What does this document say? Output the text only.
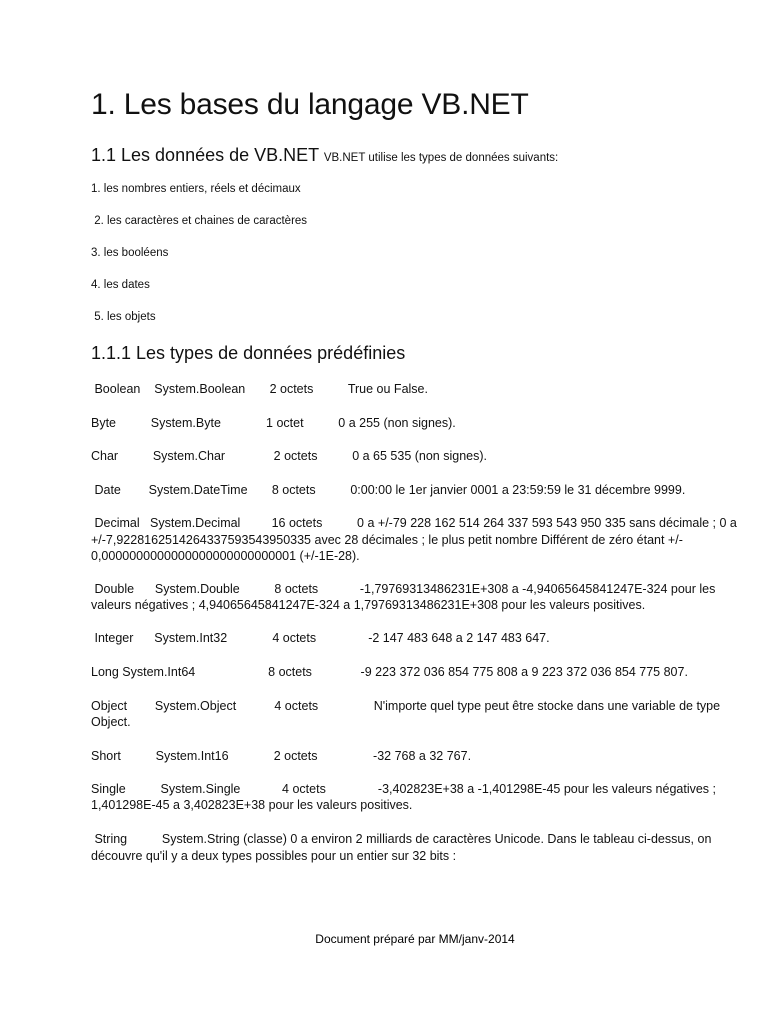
1. Les bases du langage VB.NET
1.1 Les données de VB.NET VB.NET utilise les types de données suivants:
1. les nombres entiers, réels et décimaux
2. les caractères et chaines de caractères
3. les booléens
4. les dates
5. les objets
1.1.1 Les types de données prédéfinies
Boolean    System.Boolean       2 octets          True ou False.
Byte          System.Byte             1 octet          0 a 255 (non signes).
Char          System.Char              2 octets          0 a 65 535 (non signes).
Date        System.DateTime       8 octets          0:00:00 le 1er janvier 0001 a 23:59:59 le 31 décembre 9999.
Decimal   System.Decimal         16 octets          0 a +/-79 228 162 514 264 337 593 543 950 335 sans décimale ; 0 a
+/-7,9228162514264337593543950335 avec 28 décimales ; le plus petit nombre Différent de zéro étant +/-
0,0000000000000000000000000001 (+/-1E-28).
Double      System.Double          8 octets            -1,79769313486231E+308 a -4,94065645841247E-324 pour les
valeurs négatives ; 4,94065645841247E-324 a 1,79769313486231E+308 pour les valeurs positives.
Integer      System.Int32             4 octets               -2 147 483 648 a 2 147 483 647.
Long System.Int64                     8 octets              -9 223 372 036 854 775 808 a 9 223 372 036 854 775 807.
Object        System.Object           4 octets                N'importe quel type peut être stocke dans une variable de type
Object.
Short          System.Int16             2 octets                -32 768 a 32 767.
Single          System.Single            4 octets               -3,402823E+38 a -1,401298E-45 pour les valeurs négatives ;
1,401298E-45 a 3,402823E+38 pour les valeurs positives.
String          System.String (classe) 0 a environ 2 milliards de caractères Unicode. Dans le tableau ci-dessus, on
découvre qu'il y a deux types possibles pour un entier sur 32 bits :
Document préparé par MM/janv-2014
